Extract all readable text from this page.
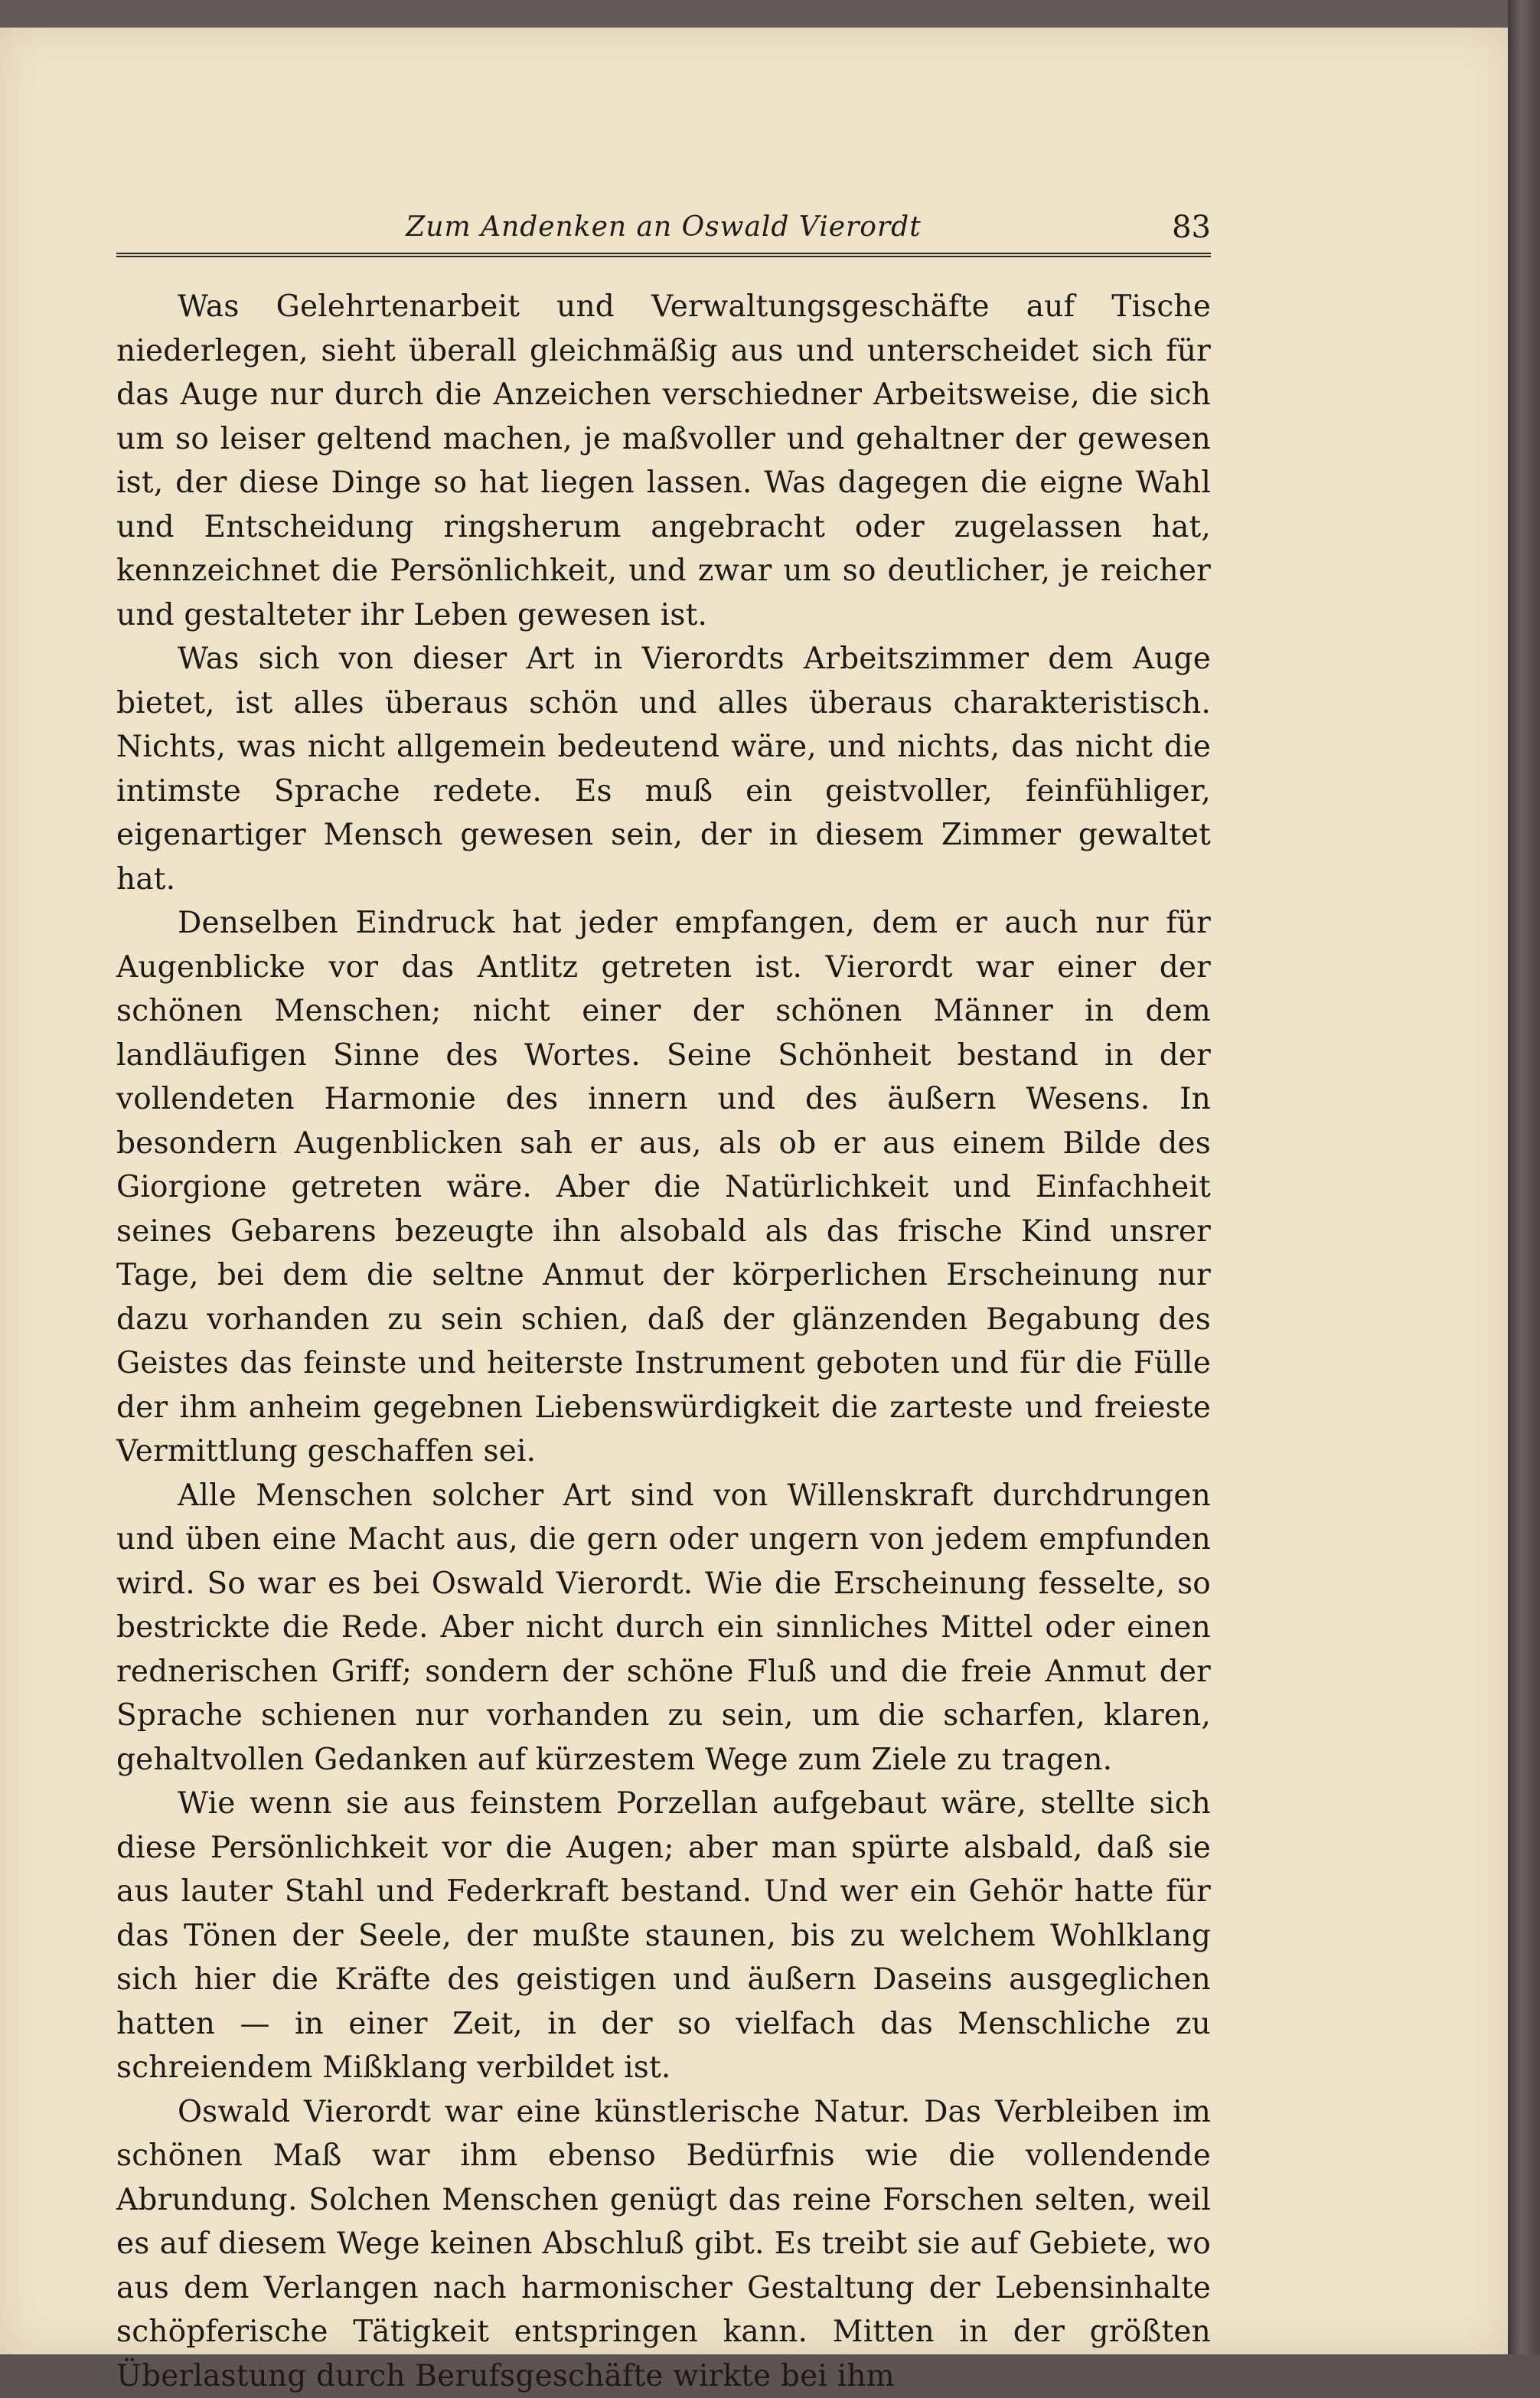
Zum Andenken an Oswald Vierordt	83

Was Gelehrtenarbeit und Verwaltungsgeschäfte auf Tische niederlegen, sieht überall gleichmäßig aus und unterscheidet sich für das Auge nur durch die Anzeichen verschiedner Arbeitsweise, die sich um so leiser geltend machen, je maßvoller und gehaltner der gewesen ist, der diese Dinge so hat liegen lassen. Was dagegen die eigne Wahl und Entscheidung ringsherum angebracht oder zugelassen hat, kennzeichnet die Persönlichkeit, und zwar um so deutlicher, je reicher und gestalteter ihr Leben gewesen ist.

Was sich von dieser Art in Vierordts Arbeitszimmer dem Auge bietet, ist alles überaus schön und alles überaus charakteristisch. Nichts, was nicht allgemein bedeutend wäre, und nichts, das nicht die intimste Sprache redete. Es muß ein geistvoller, feinfühliger, eigenartiger Mensch gewesen sein, der in diesem Zimmer gewaltet hat.

Denselben Eindruck hat jeder empfangen, dem er auch nur für Augenblicke vor das Antlitz getreten ist. Vierordt war einer der schönen Menschen; nicht einer der schönen Männer in dem landläufigen Sinne des Wortes. Seine Schönheit bestand in der vollendeten Harmonie des innern und des äußern Wesens. In besondern Augenblicken sah er aus, als ob er aus einem Bilde des Giorgione getreten wäre. Aber die Natürlichkeit und Einfachheit seines Gebarens bezeugte ihn alsobald als das frische Kind unsrer Tage, bei dem die seltne Anmut der körperlichen Erscheinung nur dazu vorhanden zu sein schien, daß der glänzenden Begabung des Geistes das feinste und heiterste Instrument geboten und für die Fülle der ihm anheim gegebnen Liebenswürdigkeit die zarteste und freieste Vermittlung geschaffen sei.

Alle Menschen solcher Art sind von Willenskraft durchdrungen und üben eine Macht aus, die gern oder ungern von jedem empfunden wird. So war es bei Oswald Vierordt. Wie die Erscheinung fesselte, so bestrickte die Rede. Aber nicht durch ein sinnliches Mittel oder einen rednerischen Griff; sondern der schöne Fluß und die freie Anmut der Sprache schienen nur vorhanden zu sein, um die scharfen, klaren, gehaltvollen Gedanken auf kürzestem Wege zum Ziele zu tragen.

Wie wenn sie aus feinstem Porzellan aufgebaut wäre, stellte sich diese Persönlichkeit vor die Augen; aber man spürte alsbald, daß sie aus lauter Stahl und Federkraft bestand. Und wer ein Gehör hatte für das Tönen der Seele, der mußte staunen, bis zu welchem Wohlklang sich hier die Kräfte des geistigen und äußern Daseins ausgeglichen hatten — in einer Zeit, in der so vielfach das Menschliche zu schreiendem Mißklang verbildet ist.

Oswald Vierordt war eine künstlerische Natur. Das Verbleiben im schönen Maß war ihm ebenso Bedürfnis wie die vollendende Abrundung. Solchen Menschen genügt das reine Forschen selten, weil es auf diesem Wege keinen Abschluß gibt. Es treibt sie auf Gebiete, wo aus dem Verlangen nach harmonischer Gestaltung der Lebensinhalte schöpferische Tätigkeit entspringen kann. Mitten in der größten Überlastung durch Berufsgeschäfte wirkte bei ihm
